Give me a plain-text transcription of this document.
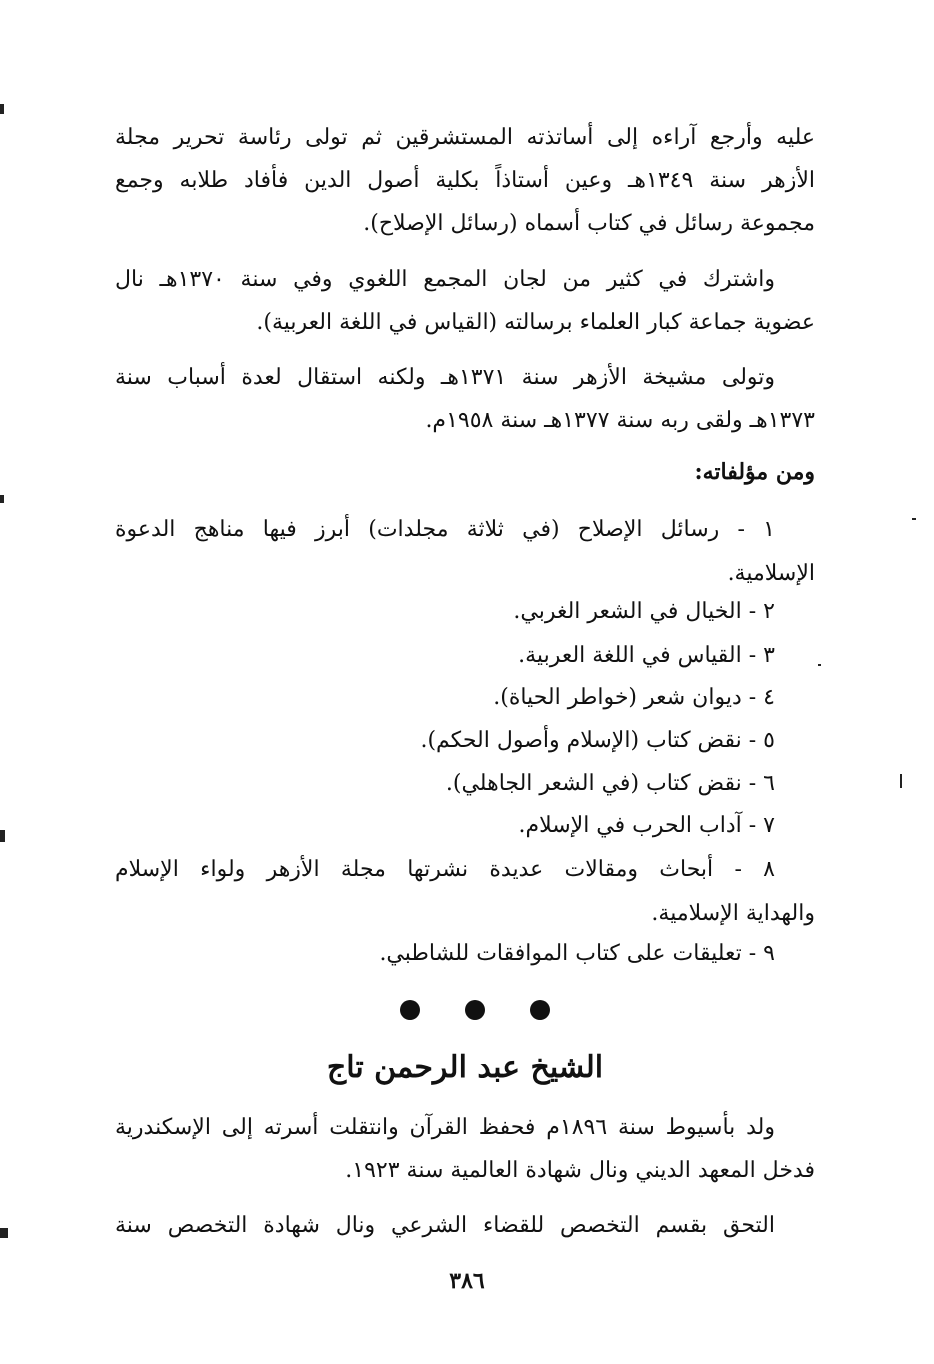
عليه وأرجع آراءه إلى أساتذته المستشرقين ثم تولى رئاسة تحرير مجلة
الأزهر سنة ١٣٤٩هـ وعين أستاذاً بكلية أصول الدين فأفاد طلابه وجمع
مجموعة رسائل في كتاب أسماه (رسائل الإصلاح).

واشترك في كثير من لجان المجمع اللغوي وفي سنة ١٣٧٠هـ نال
عضوية جماعة كبار العلماء برسالته (القياس في اللغة العربية).

وتولى مشيخة الأزهر سنة ١٣٧١هـ ولكنه استقال لعدة أسباب سنة
١٣٧٣هـ ولقى ربه سنة ١٣٧٧هـ سنة ١٩٥٨م.

ومن مؤلفاته:
١ - رسائل الإصلاح (في ثلاثة مجلدات) أبرز فيها مناهج الدعوة
الإسلامية.
٢ - الخيال في الشعر الغربي.
٣ - القياس في اللغة العربية.
٤ - ديوان شعر (خواطر الحياة).
٥ - نقض كتاب (الإسلام وأصول الحكم).
٦ - نقض كتاب (في الشعر الجاهلي).
٧ - آداب الحرب في الإسلام.
٨ - أبحاث ومقالات عديدة نشرتها مجلة الأزهر ولواء الإسلام
والهداية الإسلامية.
٩ - تعليقات على كتاب الموافقات للشاطبي.
الشيخ عبد الرحمن تاج

ولد بأسيوط سنة ١٨٩٦م فحفظ القرآن وانتقلت أسرته إلى الإسكندرية
فدخل المعهد الديني ونال شهادة العالمية سنة ١٩٢٣.

التحق بقسم التخصص للقضاء الشرعي ونال شهادة التخصص سنة

٣٨٦
